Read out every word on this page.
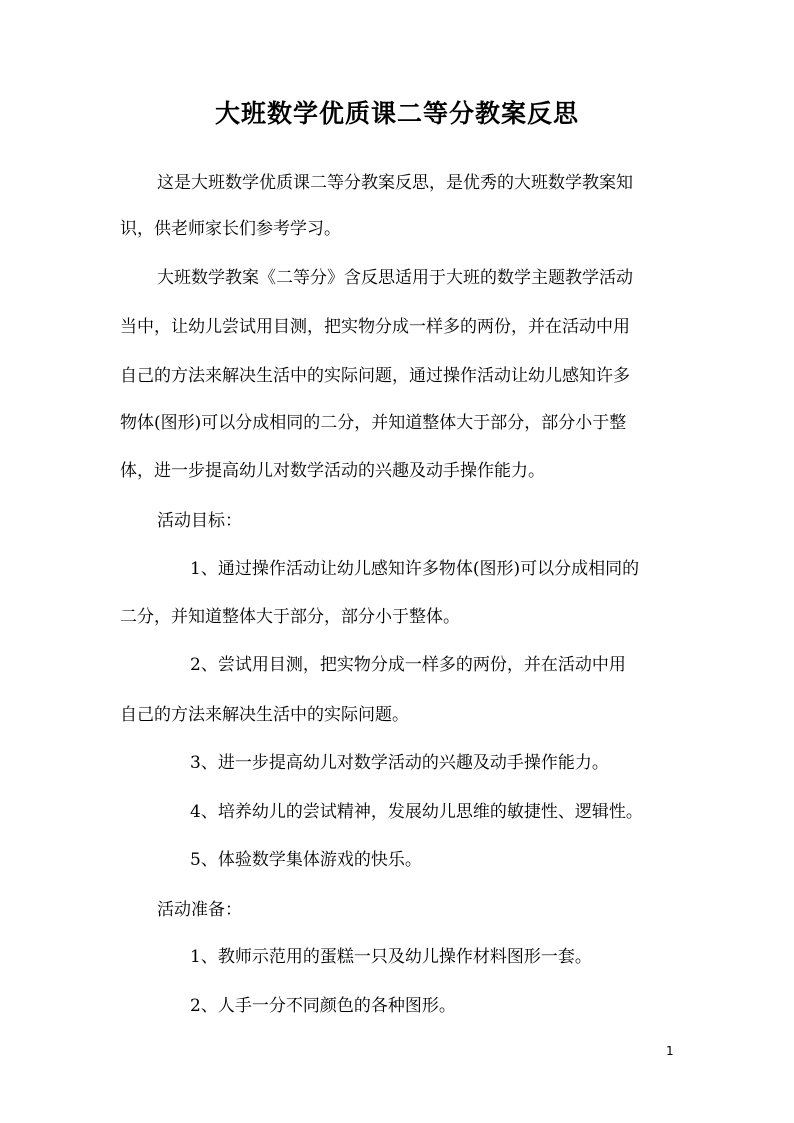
大班数学优质课二等分教案反思
这是大班数学优质课二等分教案反思，是优秀的大班数学教案知
识，供老师家长们参考学习。
大班数学教案《二等分》含反思适用于大班的数学主题教学活动
当中，让幼儿尝试用目测，把实物分成一样多的两份，并在活动中用
自己的方法来解决生活中的实际问题，通过操作活动让幼儿感知许多
物体(图形)可以分成相同的二分，并知道整体大于部分，部分小于整
体，进一步提高幼儿对数学活动的兴趣及动手操作能力。
活动目标：
1、通过操作活动让幼儿感知许多物体(图形)可以分成相同的
二分，并知道整体大于部分，部分小于整体。
2、尝试用目测，把实物分成一样多的两份，并在活动中用
自己的方法来解决生活中的实际问题。
3、进一步提高幼儿对数学活动的兴趣及动手操作能力。
4、培养幼儿的尝试精神，发展幼儿思维的敏捷性、逻辑性。
5、体验数学集体游戏的快乐。
活动准备：
1、教师示范用的蛋糕一只及幼儿操作材料图形一套。
2、人手一分不同颜色的各种图形。
1
